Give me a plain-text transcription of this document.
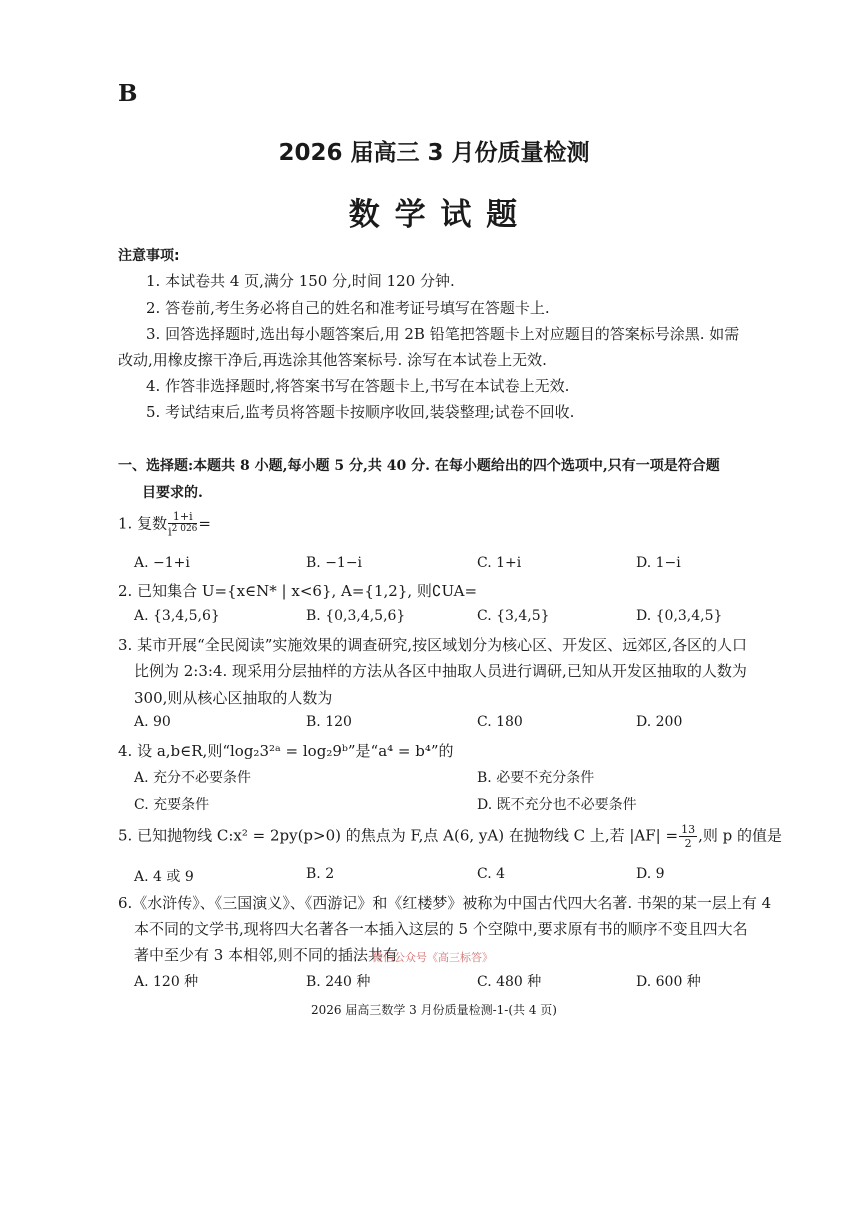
B
2026 届高三 3 月份质量检测
数 学 试 题
注意事项:
1. 本试卷共 4 页,满分 150 分,时间 120 分钟.
2. 答卷前,考生务必将自己的姓名和准考证号填写在答题卡上.
3. 回答选择题时,选出每小题答案后,用 2B 铅笔把答题卡上对应题目的答案标号涂黑. 如需
改动,用橡皮擦干净后,再选涂其他答案标号. 涂写在本试卷上无效.
4. 作答非选择题时,将答案书写在答题卡上,书写在本试卷上无效.
5. 考试结束后,监考员将答题卡按顺序收回,装袋整理;试卷不回收.
一、选择题:本题共 8 小题,每小题 5 分,共 40 分. 在每小题给出的四个选项中,只有一项是符合题
目要求的.
1. 复数 $\frac{1+i}{i^{2 026}}$ =
A. −1+i	B. −1−i	C. 1+i	D. 1−i
2. 已知集合 U={x∈N* | x<6}, A={1,2}, 则∁UA=
A. {3,4,5,6}	B. {0,3,4,5,6}	C. {3,4,5}	D. {0,3,4,5}
3. 某市开展“全民阅读”实施效果的调查研究,按区域划分为核心区、开发区、远郊区,各区的人口
比例为 2:3:4. 现采用分层抽样的方法从各区中抽取人员进行调研,已知从开发区抽取的人数为
300,则从核心区抽取的人数为
A. 90	B. 120	C. 180	D. 200
4. 设 a,b∈R,则“log₂3²ᵃ = log₂9ᵇ”是“a⁴ = b⁴”的
A. 充分不必要条件	B. 必要不充分条件
C. 充要条件	D. 既不充分也不必要条件
5. 已知抛物线 C:x² = 2py(p>0) 的焦点为 F,点 A(6, yA) 在抛物线 C 上,若 $|AF| = \frac{13}{2}$ ,则 p 的值是
A. 4 或 9	B. 2	C. 4	D. 9
6.《水浒传》、《三国演义》、《西游记》和《红楼梦》被称为中国古代四大名著. 书架的某一层上有 4
本不同的文学书,现将四大名著各一本插入这层的 5 个空隙中,要求原有书的顺序不变且四大名
著中至少有 3 本相邻,则不同的插法共有
微信公众号《高三标答》
A. 120 种	B. 240 种	C. 480 种	D. 600 种
2026 届高三数学 3 月份质量检测-1-(共 4 页)
